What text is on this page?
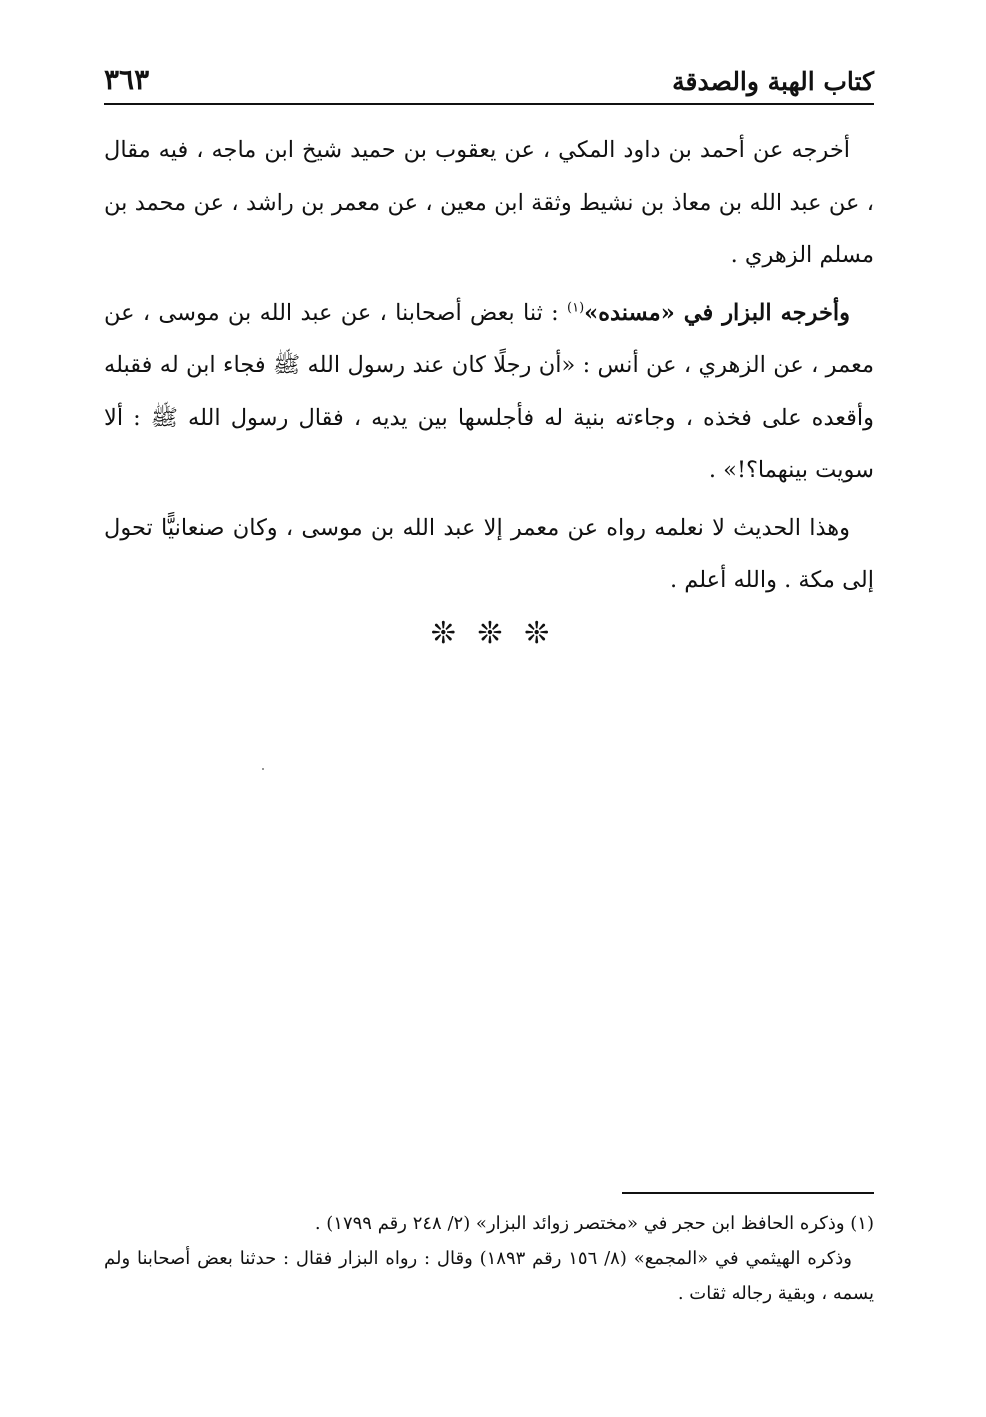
كتاب الهبة والصدقة
٣٦٣

أخرجه عن أحمد بن داود المكي ، عن يعقوب بن حميد شيخ ابن ماجه ، فيه مقال ، عن عبد الله بن معاذ بن نشيط وثقة ابن معين ، عن معمر بن راشد ، عن محمد بن مسلم الزهري .

وأخرجه البزار في «مسنده»$^{(١)}$ : ثنا بعض أصحابنا ، عن عبد الله بن موسى ، عن معمر ، عن الزهري ، عن أنس : «أن رجلًا كان عند رسول الله ﷺ فجاء ابن له فقبله وأقعده على فخذه ، وجاءته بنية له فأجلسها بين يديه ، فقال رسول الله ﷺ : ألا سويت بينهما؟!» .

وهذا الحديث لا نعلمه رواه عن معمر إلا عبد الله بن موسى ، وكان صنعانيًّا تحول إلى مكة . والله أعلم .

❊ ❊ ❊

(١) وذكره الحافظ ابن حجر في «مختصر زوائد البزار» (٢/ ٢٤٨ رقم ١٧٩٩) .

وذكره الهيثمي في «المجمع» (٨/ ١٥٦ رقم ١٨٩٣) وقال : رواه البزار فقال : حدثنا بعض أصحابنا ولم يسمه ، وبقية رجاله ثقات .
